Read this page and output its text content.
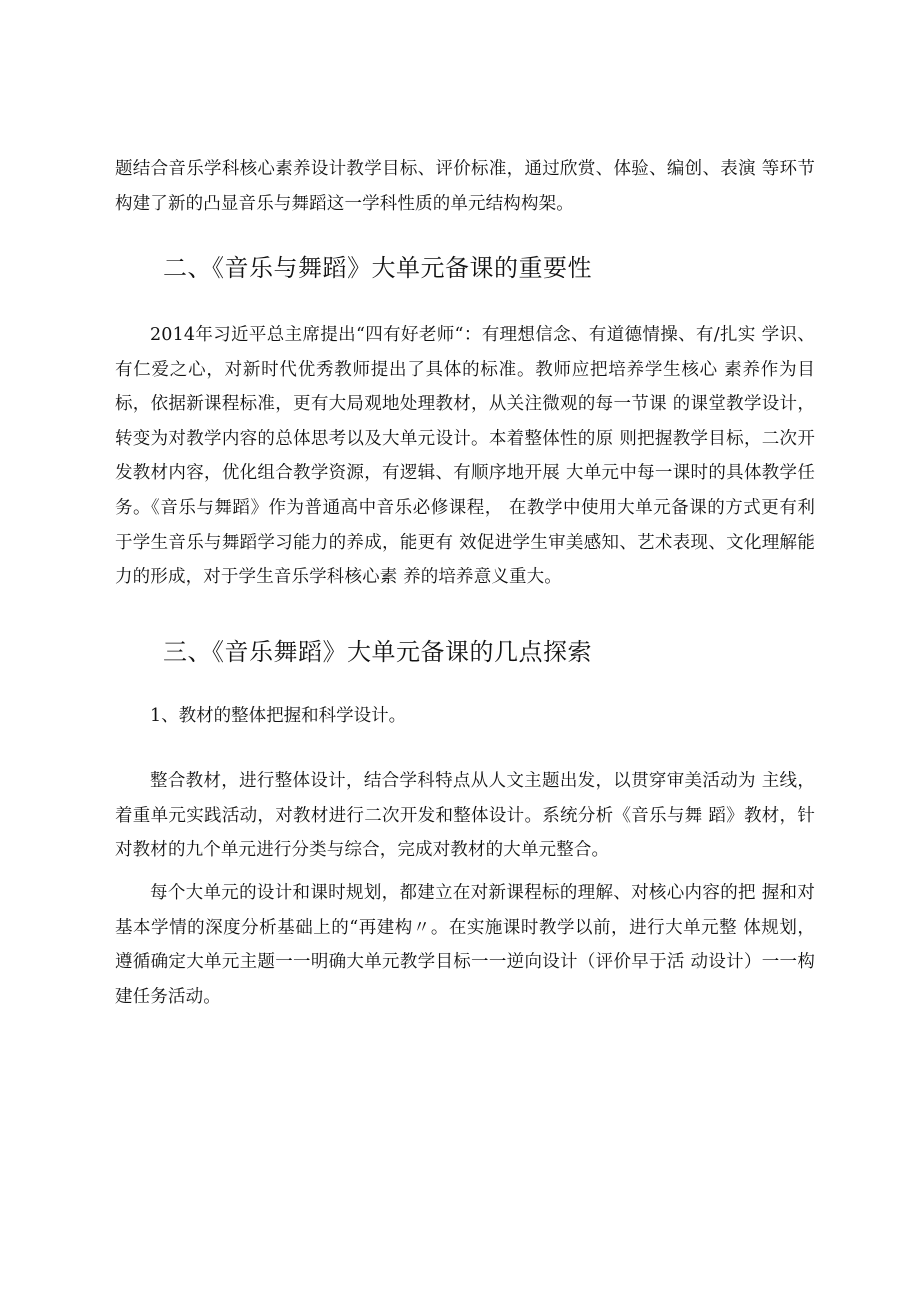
题结合音乐学科核心素养设计教学目标、评价标准，通过欣赏、体验、编创、表演 等环节构建了新的凸显音乐与舞蹈这一学科性质的单元结构构架。

二、《音乐与舞蹈》大单元备课的重要性

2014年习近平总主席提出“四有好老师“：有理想信念、有道德情操、有/扎实 学识、有仁爱之心，对新时代优秀教师提出了具体的标准。教师应把培养学生核心 素养作为目标，依据新课程标准，更有大局观地处理教材，从关注微观的每一节课 的课堂教学设计，转变为对教学内容的总体思考以及大单元设计。本着整体性的原 则把握教学目标，二次开发教材内容，优化组合教学资源，有逻辑、有顺序地开展 大单元中每一课时的具体教学任务。《音乐与舞蹈》作为普通高中音乐必修课程， 在教学中使用大单元备课的方式更有利于学生音乐与舞蹈学习能力的养成，能更有 效促进学生审美感知、艺术表现、文化理解能力的形成，对于学生音乐学科核心素 养的培养意义重大。

三、《音乐舞蹈》大单元备课的几点探索

1、教材的整体把握和科学设计。

整合教材，进行整体设计，结合学科特点从人文主题出发，以贯穿审美活动为 主线，着重单元实践活动，对教材进行二次开发和整体设计。系统分析《音乐与舞 蹈》教材，针对教材的九个单元进行分类与综合，完成对教材的大单元整合。

每个大单元的设计和课时规划，都建立在对新课程标的理解、对核心内容的把 握和对基本学情的深度分析基础上的“再建构〃。在实施课时教学以前，进行大单元整 体规划，遵循确定大单元主题一一明确大单元教学目标一一逆向设计（评价早于活 动设计）一一构建任务活动。
